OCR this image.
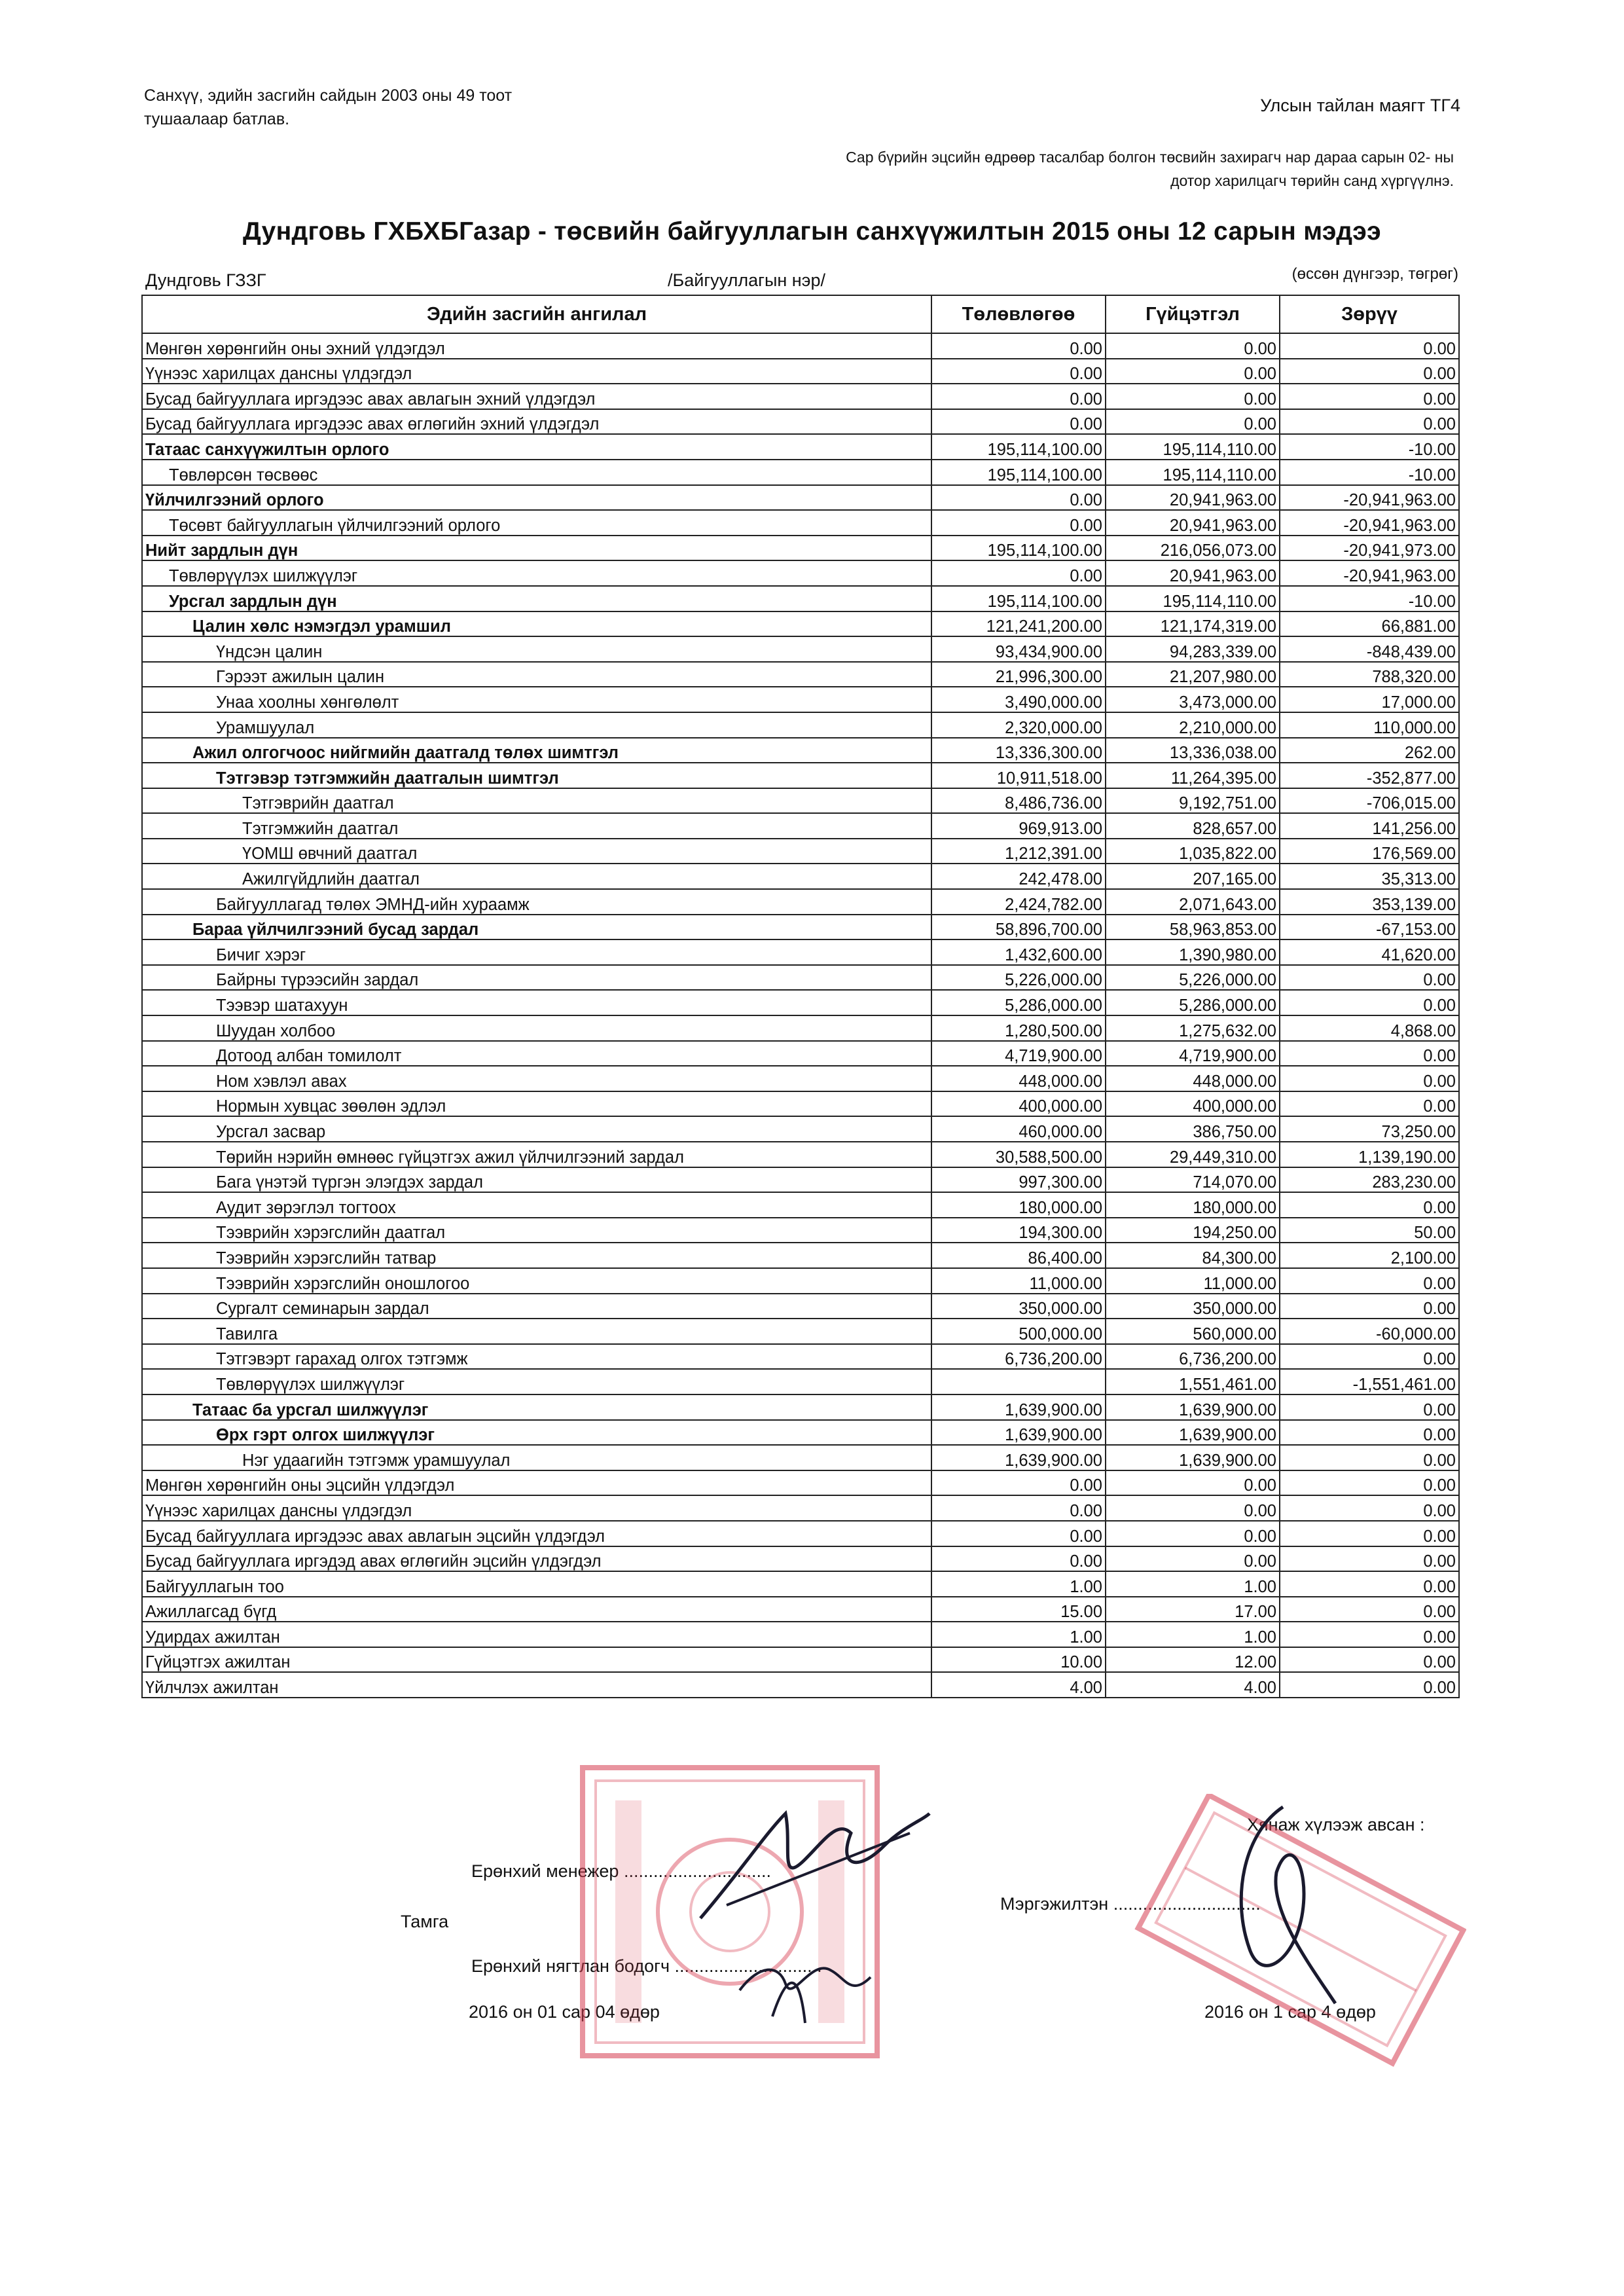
Санхүү, эдийн засгийн сайдын 2003 оны 49 тоот
тушаалаар батлав.
Улсын тайлан маягт ТГ4
Сар бүрийн эцсийн өдрөөр тасалбар болгон төсвийн захирагч нар дараа сарын 02- ны
дотор харилцагч төрийн санд хүргүүлнэ.
Дундговь ГХБХБГазар - төсвийн байгууллагын санхүүжилтын 2015 оны 12 сарын мэдээ
Дундговь ГЗЗГ	/Байгууллагын нэр/	(өссөн дүнгээр, төгрөг)
Эдийн засгийн ангилал	Төлөвлөгөө	Гүйцэтгэл	Зөрүү
Мөнгөн хөрөнгийн оны эхний үлдэгдэл	0.00	0.00	0.00
Үүнээс харилцах дансны үлдэгдэл	0.00	0.00	0.00
Бусад байгууллага иргэдээс авах авлагын эхний үлдэгдэл	0.00	0.00	0.00
Бусад байгууллага иргэдээс авах өглөгийн эхний үлдэгдэл	0.00	0.00	0.00
Татаас санхүүжилтын орлого	195,114,100.00	195,114,110.00	-10.00
Төвлөрсөн төсвөөс	195,114,100.00	195,114,110.00	-10.00
Үйлчилгээний орлого	0.00	20,941,963.00	-20,941,963.00
Төсөвт байгууллагын үйлчилгээний орлого	0.00	20,941,963.00	-20,941,963.00
Нийт зардлын дүн	195,114,100.00	216,056,073.00	-20,941,973.00
Төвлөрүүлэх шилжүүлэг	0.00	20,941,963.00	-20,941,963.00
Урсгал зардлын дүн	195,114,100.00	195,114,110.00	-10.00
Цалин хөлс нэмэгдэл урамшил	121,241,200.00	121,174,319.00	66,881.00
Үндсэн цалин	93,434,900.00	94,283,339.00	-848,439.00
Гэрээт ажилын цалин	21,996,300.00	21,207,980.00	788,320.00
Унаа хоолны хөнгөлөлт	3,490,000.00	3,473,000.00	17,000.00
Урамшуулал	2,320,000.00	2,210,000.00	110,000.00
Ажил олгогчоос нийгмийн даатгалд төлөх шимтгэл	13,336,300.00	13,336,038.00	262.00
Тэтгэвэр тэтгэмжийн даатгалын шимтгэл	10,911,518.00	11,264,395.00	-352,877.00
Тэтгэврийн даатгал	8,486,736.00	9,192,751.00	-706,015.00
Тэтгэмжийн даатгал	969,913.00	828,657.00	141,256.00
ҮОМШ өвчний даатгал	1,212,391.00	1,035,822.00	176,569.00
Ажилгүйдлийн даатгал	242,478.00	207,165.00	35,313.00
Байгууллагад төлөх ЭМНД-ийн хураамж	2,424,782.00	2,071,643.00	353,139.00
Бараа үйлчилгээний бусад зардал	58,896,700.00	58,963,853.00	-67,153.00
Бичиг хэрэг	1,432,600.00	1,390,980.00	41,620.00
Байрны түрээсийн зардал	5,226,000.00	5,226,000.00	0.00
Тээвэр шатахуун	5,286,000.00	5,286,000.00	0.00
Шуудан холбоо	1,280,500.00	1,275,632.00	4,868.00
Дотоод албан томилолт	4,719,900.00	4,719,900.00	0.00
Ном хэвлэл авах	448,000.00	448,000.00	0.00
Нормын хувцас зөөлөн эдлэл	400,000.00	400,000.00	0.00
Урсгал засвар	460,000.00	386,750.00	73,250.00
Төрийн нэрийн өмнөөс гүйцэтгэх ажил үйлчилгээний зардал	30,588,500.00	29,449,310.00	1,139,190.00
Бага үнэтэй түргэн элэгдэх зардал	997,300.00	714,070.00	283,230.00
Аудит зөрэглэл тогтоох	180,000.00	180,000.00	0.00
Тээврийн хэрэгслийн даатгал	194,300.00	194,250.00	50.00
Тээврийн хэрэгслийн татвар	86,400.00	84,300.00	2,100.00
Тээврийн хэрэгслийн оношлогоо	11,000.00	11,000.00	0.00
Сургалт семинарын зардал	350,000.00	350,000.00	0.00
Тавилга	500,000.00	560,000.00	-60,000.00
Тэтгэвэрт гарахад олгох тэтгэмж	6,736,200.00	6,736,200.00	0.00
Төвлөрүүлэх шилжүүлэг		1,551,461.00	-1,551,461.00
Татаас ба урсгал шилжүүлэг	1,639,900.00	1,639,900.00	0.00
Өрх гэрт олгох шилжүүлэг	1,639,900.00	1,639,900.00	0.00
Нэг удаагийн тэтгэмж урамшуулал	1,639,900.00	1,639,900.00	0.00
Мөнгөн хөрөнгийн оны эцсийн үлдэгдэл	0.00	0.00	0.00
Үүнээс харилцах дансны үлдэгдэл	0.00	0.00	0.00
Бусад байгууллага иргэдээс авах авлагын эцсийн үлдэгдэл	0.00	0.00	0.00
Бусад байгууллага иргэдэд авах өглөгийн эцсийн үлдэгдэл	0.00	0.00	0.00
Байгууллагын тоо	1.00	1.00	0.00
Ажиллагсад бүгд	15.00	17.00	0.00
Удирдах ажилтан	1.00	1.00	0.00
Гүйцэтгэх ажилтан	10.00	12.00	0.00
Үйлчлэх ажилтан	4.00	4.00	0.00
Хянаж хүлээж авсан :
Ерөнхий менежер ..............................
Тамга
Мэргэжилтэн ..............................
Ерөнхий нягтлан бодогч ..............................
2016 он 01 сар 04 өдөр	2016 он 1 сар 4 өдөр
